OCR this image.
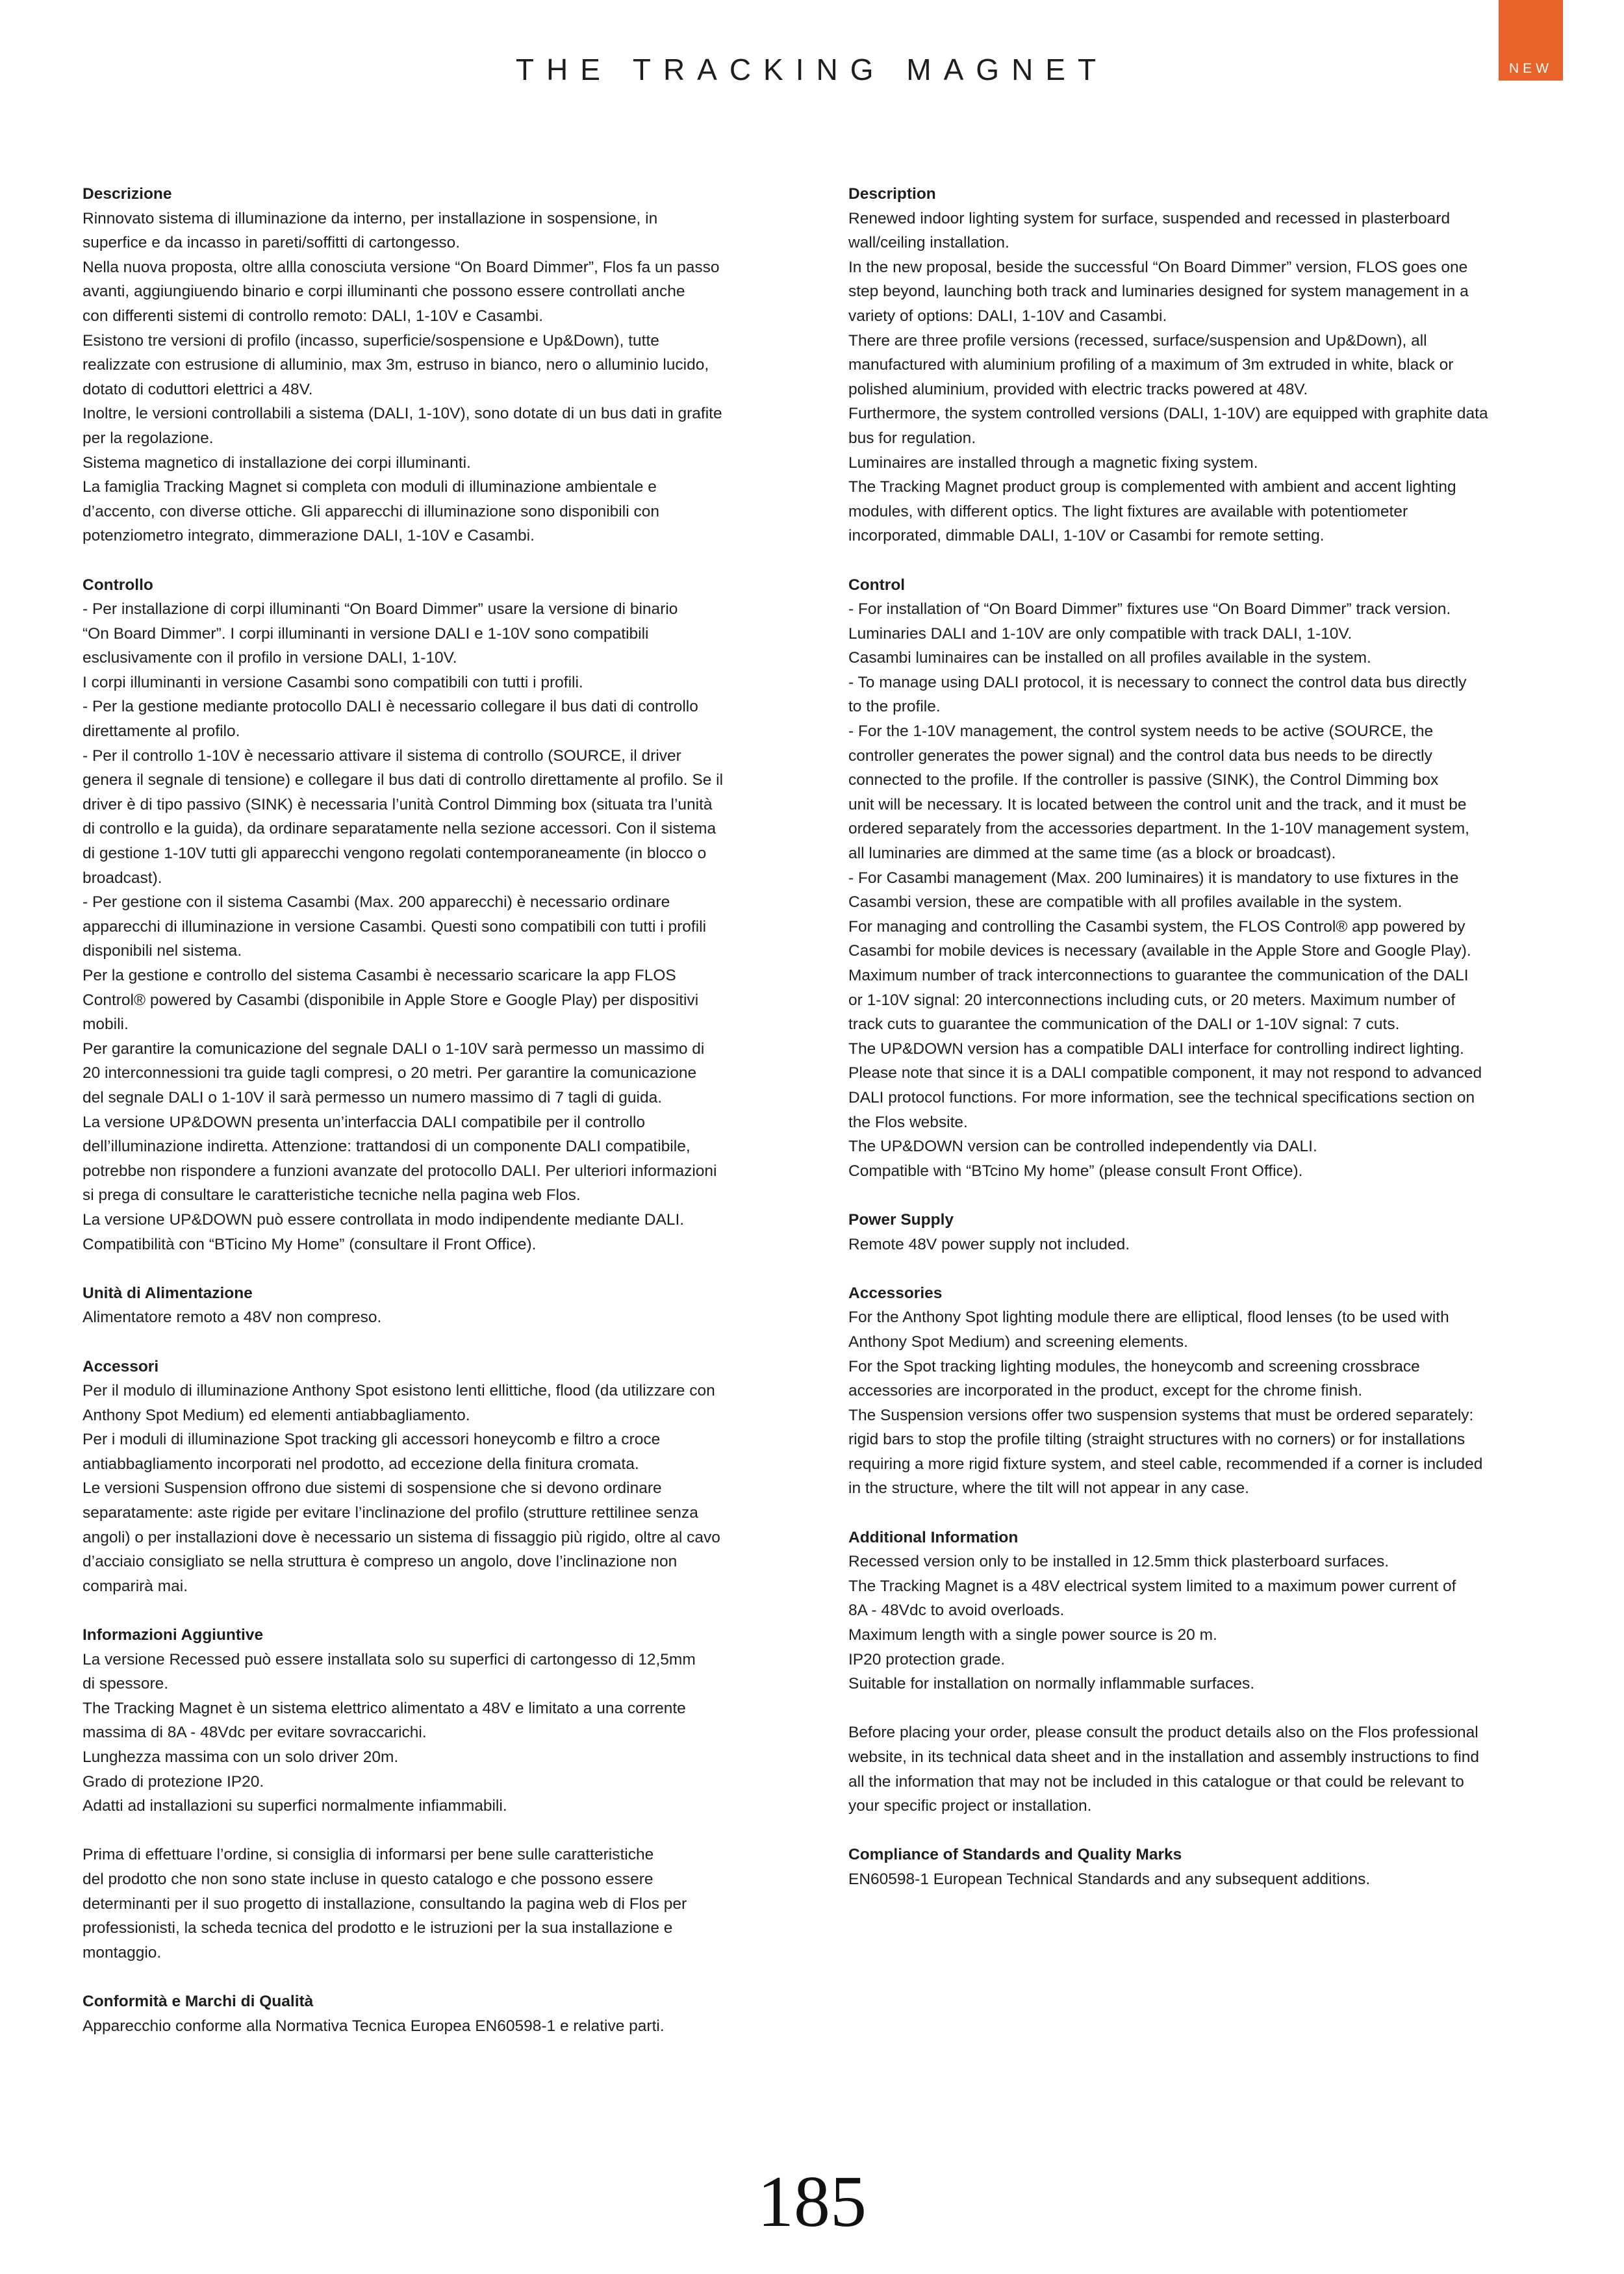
THE TRACKING MAGNET	NEW
Descrizione
Rinnovato sistema di illuminazione da interno, per installazione in sospensione, in
superfice e da incasso in pareti/soffitti di cartongesso.
Nella nuova proposta, oltre allla conosciuta versione “On Board Dimmer”, Flos fa un passo
avanti, aggiungiuendo binario e corpi illuminanti che possono essere controllati anche
con differenti sistemi di controllo remoto: DALI, 1-10V e Casambi.
Esistono tre versioni di profilo (incasso, superficie/sospensione e Up&Down), tutte
realizzate con estrusione di alluminio, max 3m, estruso in bianco, nero o alluminio lucido,
dotato di coduttori elettrici a 48V.
Inoltre, le versioni controllabili a sistema (DALI, 1-10V), sono dotate di un bus dati in grafite
per la regolazione.
Sistema magnetico di installazione dei corpi illuminanti.
La famiglia Tracking Magnet si completa con moduli di illuminazione ambientale e
d’accento, con diverse ottiche. Gli apparecchi di illuminazione sono disponibili con
potenziometro integrato, dimmerazione DALI, 1-10V e Casambi.
Controllo
- Per installazione di corpi illuminanti “On Board Dimmer” usare la versione di binario
“On Board Dimmer”. I corpi illuminanti in versione DALI e 1-10V sono compatibili
esclusivamente con il profilo in versione DALI, 1-10V.
I corpi illuminanti in versione Casambi sono compatibili con tutti i profili.
- Per la gestione mediante protocollo DALI è necessario collegare il bus dati di controllo
direttamente al profilo.
- Per il controllo 1-10V è necessario attivare il sistema di controllo (SOURCE, il driver
genera il segnale di tensione) e collegare il bus dati di controllo direttamente al profilo. Se il
driver è di tipo passivo (SINK) è necessaria l’unità Control Dimming box (situata tra l’unità
di controllo e la guida), da ordinare separatamente nella sezione accessori. Con il sistema
di gestione 1-10V tutti gli apparecchi vengono regolati contemporaneamente (in blocco o
broadcast).
- Per gestione con il sistema Casambi (Max. 200 apparecchi) è necessario ordinare
apparecchi di illuminazione in versione Casambi. Questi sono compatibili con tutti i profili
disponibili nel sistema.
Per la gestione e controllo del sistema Casambi è necessario scaricare la app FLOS
Control® powered by Casambi (disponibile in Apple Store e Google Play) per dispositivi
mobili.
Per garantire la comunicazione del segnale DALI o 1-10V sarà permesso un massimo di
20 interconnessioni tra guide tagli compresi, o 20 metri. Per garantire la comunicazione
del segnale DALI o 1-10V il sarà permesso un numero massimo di 7 tagli di guida.
La versione UP&DOWN presenta un’interfaccia DALI compatibile per il controllo
dell’illuminazione indiretta. Attenzione: trattandosi di un componente DALI compatibile,
potrebbe non rispondere a funzioni avanzate del protocollo DALI. Per ulteriori informazioni
si prega di consultare le caratteristiche tecniche nella pagina web Flos.
La versione UP&DOWN può essere controllata in modo indipendente mediante DALI.
Compatibilità con “BTicino My Home” (consultare il Front Office).
Unità di Alimentazione
Alimentatore remoto a 48V non compreso.
Accessori
Per il modulo di illuminazione Anthony Spot esistono lenti ellittiche, flood (da utilizzare con
Anthony Spot Medium) ed elementi antiabbagliamento.
Per i moduli di illuminazione Spot tracking gli accessori honeycomb e filtro a croce
antiabbagliamento incorporati nel prodotto, ad eccezione della finitura cromata.
Le versioni Suspension offrono due sistemi di sospensione che si devono ordinare
separatamente: aste rigide per evitare l’inclinazione del profilo (strutture rettilinee senza
angoli) o per installazioni dove è necessario un sistema di fissaggio più rigido, oltre al cavo
d’acciaio consigliato se nella struttura è compreso un angolo, dove l’inclinazione non
comparirà mai.
Informazioni Aggiuntive
La versione Recessed può essere installata solo su superfici di cartongesso di 12,5mm
di spessore.
The Tracking Magnet è un sistema elettrico alimentato a 48V e limitato a una corrente
massima di 8A - 48Vdc per evitare sovraccarichi.
Lunghezza massima con un solo driver 20m.
Grado di protezione IP20.
Adatti ad installazioni su superfici normalmente infiammabili.
Prima di effettuare l’ordine, si consiglia di informarsi per bene sulle caratteristiche
del prodotto che non sono state incluse in questo catalogo e che possono essere
determinanti per il suo progetto di installazione, consultando la pagina web di Flos per
professionisti, la scheda tecnica del prodotto e le istruzioni per la sua installazione e
montaggio.
Conformità e Marchi di Qualità
Apparecchio conforme alla Normativa Tecnica Europea EN60598-1 e relative parti.
Description
Renewed indoor lighting system for surface, suspended and recessed in plasterboard
wall/ceiling installation.
In the new proposal, beside the successful “On Board Dimmer” version, FLOS goes one
step beyond, launching both track and luminaries designed for system management in a
variety of options: DALI, 1-10V and Casambi.
There are three profile versions (recessed, surface/suspension and Up&Down), all
manufactured with aluminium profiling of a maximum of 3m extruded in white, black or
polished aluminium, provided with electric tracks powered at 48V.
Furthermore, the system controlled versions (DALI, 1-10V) are equipped with graphite data
bus for regulation.
Luminaires are installed through a magnetic fixing system.
The Tracking Magnet product group is complemented with ambient and accent lighting
modules, with different optics. The light fixtures are available with potentiometer
incorporated, dimmable DALI, 1-10V or Casambi for remote setting.
Control
- For installation of “On Board Dimmer” fixtures use “On Board Dimmer” track version.
Luminaries DALI and 1-10V are only compatible with track DALI, 1-10V.
Casambi luminaires can be installed on all profiles available in the system.
- To manage using DALI protocol, it is necessary to connect the control data bus directly
to the profile.
- For the 1-10V management, the control system needs to be active (SOURCE, the
controller generates the power signal) and the control data bus needs to be directly
connected to the profile. If the controller is passive (SINK), the Control Dimming box
unit will be necessary. It is located between the control unit and the track, and it must be
ordered separately from the accessories department. In the 1-10V management system,
all luminaries are dimmed at the same time (as a block or broadcast).
- For Casambi management (Max. 200 luminaires) it is mandatory to use fixtures in the
Casambi version, these are compatible with all profiles available in the system.
For managing and controlling the Casambi system, the FLOS Control® app powered by
Casambi for mobile devices is necessary (available in the Apple Store and Google Play).
Maximum number of track interconnections to guarantee the communication of the DALI
or 1-10V signal: 20 interconnections including cuts, or 20 meters. Maximum number of
track cuts to guarantee the communication of the DALI or 1-10V signal: 7 cuts.
The UP&DOWN version has a compatible DALI interface for controlling indirect lighting.
Please note that since it is a DALI compatible component, it may not respond to advanced
DALI protocol functions. For more information, see the technical specifications section on
the Flos website.
The UP&DOWN version can be controlled independently via DALI.
Compatible with “BTcino My home” (please consult Front Office).
Power Supply
Remote 48V power supply not included.
Accessories
For the Anthony Spot lighting module there are elliptical, flood lenses (to be used with
Anthony Spot Medium) and screening elements.
For the Spot tracking lighting modules, the honeycomb and screening crossbrace
accessories are incorporated in the product, except for the chrome finish.
The Suspension versions offer two suspension systems that must be ordered separately:
rigid bars to stop the profile tilting (straight structures with no corners) or for installations
requiring a more rigid fixture system, and steel cable, recommended if a corner is included
in the structure, where the tilt will not appear in any case.
Additional Information
Recessed version only to be installed in 12.5mm thick plasterboard surfaces.
The Tracking Magnet is a 48V electrical system limited to a maximum power current of
8A - 48Vdc to avoid overloads.
Maximum length with a single power source is 20 m.
IP20 protection grade.
Suitable for installation on normally inflammable surfaces.
Before placing your order, please consult the product details also on the Flos professional
website, in its technical data sheet and in the installation and assembly instructions to find
all the information that may not be included in this catalogue or that could be relevant to
your specific project or installation.
Compliance of Standards and Quality Marks
EN60598-1 European Technical Standards and any subsequent additions.
185
